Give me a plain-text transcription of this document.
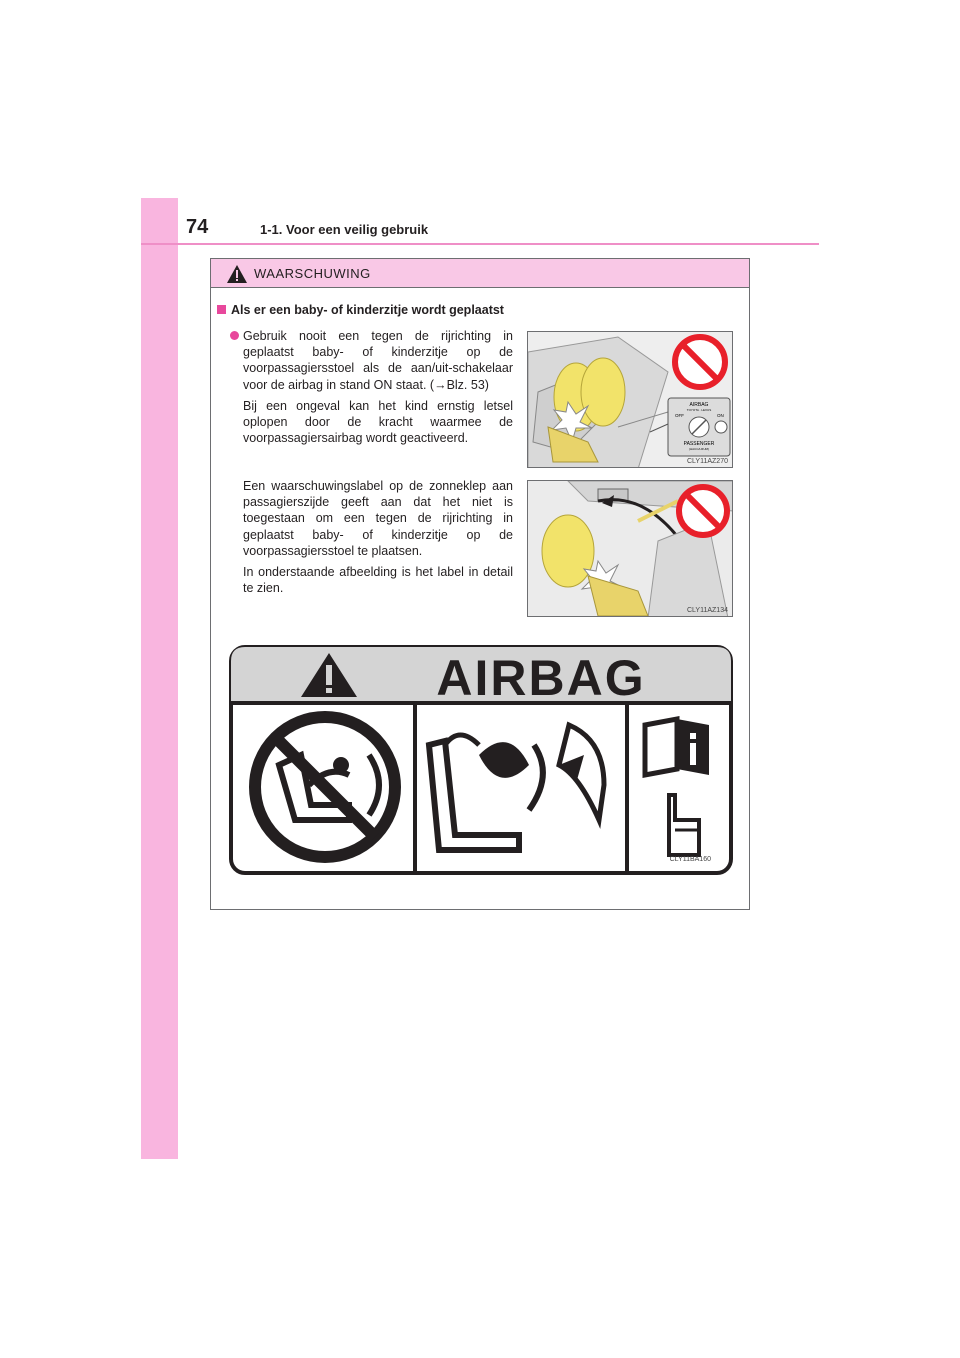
74	1-1. Voor een veilig gebruik
WAARSCHUWING
Als er een baby- of kinderzitje wordt geplaatst

Gebruik nooit een tegen de rijrichting in geplaatst baby- of kinderzitje op de voorpassagiersstoel als de aan/uit-schakelaar voor de airbag in stand ON staat. (→Blz. 53)

Bij een ongeval kan het kind ernstig letsel oplopen door de kracht waarmee de voorpassagiersairbag wordt geactiveerd.

Een waarschuwingslabel op de zonneklep aan passagierszijde geeft aan dat het niet is toegestaan om een tegen de rijrichting in geplaatst baby- of kinderzitje op de voorpassagiersstoel te plaatsen.

In onderstaande afbeelding is het label in detail te zien.

AIRBAG
TOYOTA · LEXUS
OFF	ON
PASSENGER
(HACCA RUM)
CLY11AZ270
CLY11AZ134
AIRBAG
CLY11BA160
